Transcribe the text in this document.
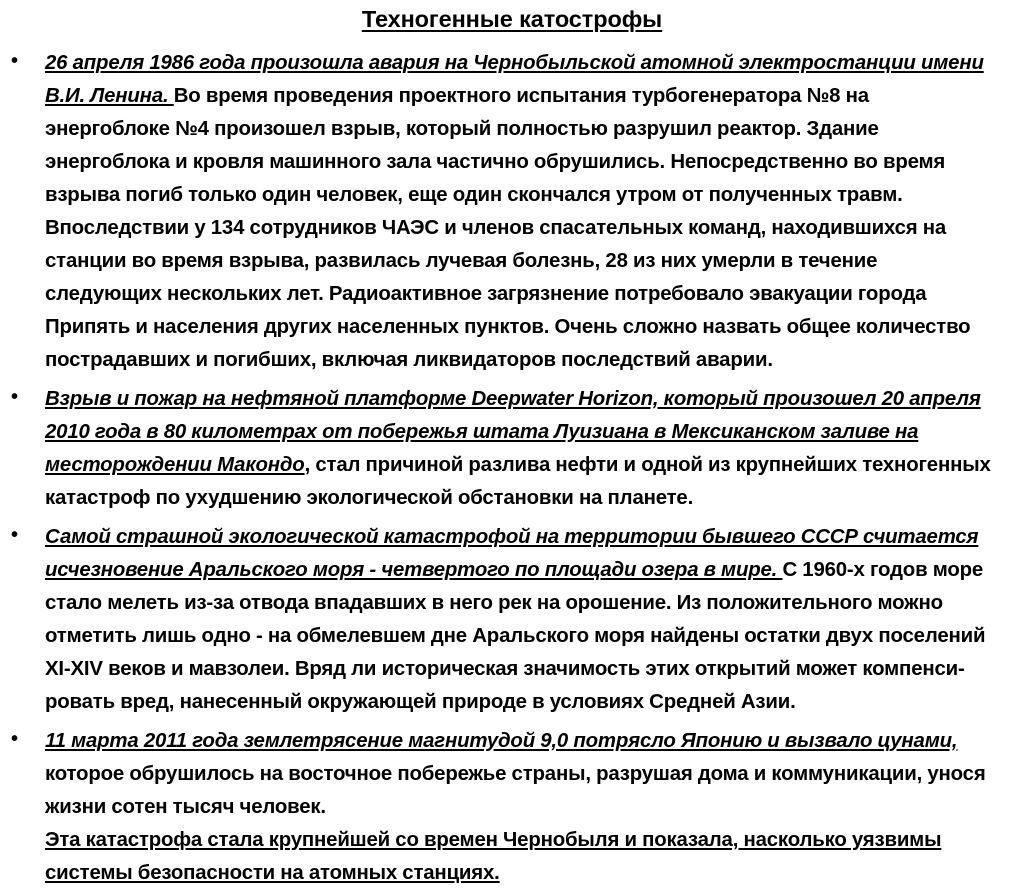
Техногенные катострофы
• 26 апреля 1986 года произошла авария на Чернобыльской атомной электростанции имени В.И. Ленина. Во время проведения проектного испытания турбогенератора №8 на энергоблоке №4 произошел взрыв, который полностью разрушил реактор. Здание энергоблока и кровля машинного зала частично обрушились. Непосредственно во время взрыва погиб только один человек, еще один скончался утром от полученных травм. Впоследствии у 134 сотрудников ЧАЭС и членов спасательных команд, находившихся на станции во время взрыва, развилась лучевая болезнь, 28 из них умерли в течение следующих нескольких лет. Радиоактивное загрязнение потребовало эвакуации города Припять и населения других населенных пунктов. Очень сложно назвать общее количество пострадавших и погибших, включая ликвидаторов последствий аварии.
• Взрыв и пожар на нефтяной платформе Deepwater Horizon, который произошел 20 апреля 2010 года в 80 километрах от побережья штата Луизиана в Мексиканском заливе на месторождении Макондо, стал причиной разлива нефти и одной из крупнейших техногенных катастроф по ухудшению экологической обстановки на планете.
• Самой страшной экологической катастрофой на территории бывшего СССР считается исчезновение Аральского моря - четвертого по площади озера в мире. С 1960-х годов море стало мелеть из-за отвода впадавших в него рек на орошение. Из положительного можно отметить лишь одно - на обмелевшем дне Аральского моря найдены остатки двух поселений XI-XIV веков и мавзолеи. Вряд ли историческая значимость этих открытий может компенси-ровать вред, нанесенный окружающей природе в условиях Средней Азии.
• 11 марта 2011 года землетрясение магнитудой 9,0 потрясло Японию и вызвало цунами, которое обрушилось на восточное побережье страны, разрушая дома и коммуникации, унося жизни сотен тысяч человек.
Эта катастрофа стала крупнейшей со времен Чернобыля и показала, насколько уязвимы системы безопасности на атомных станциях.
